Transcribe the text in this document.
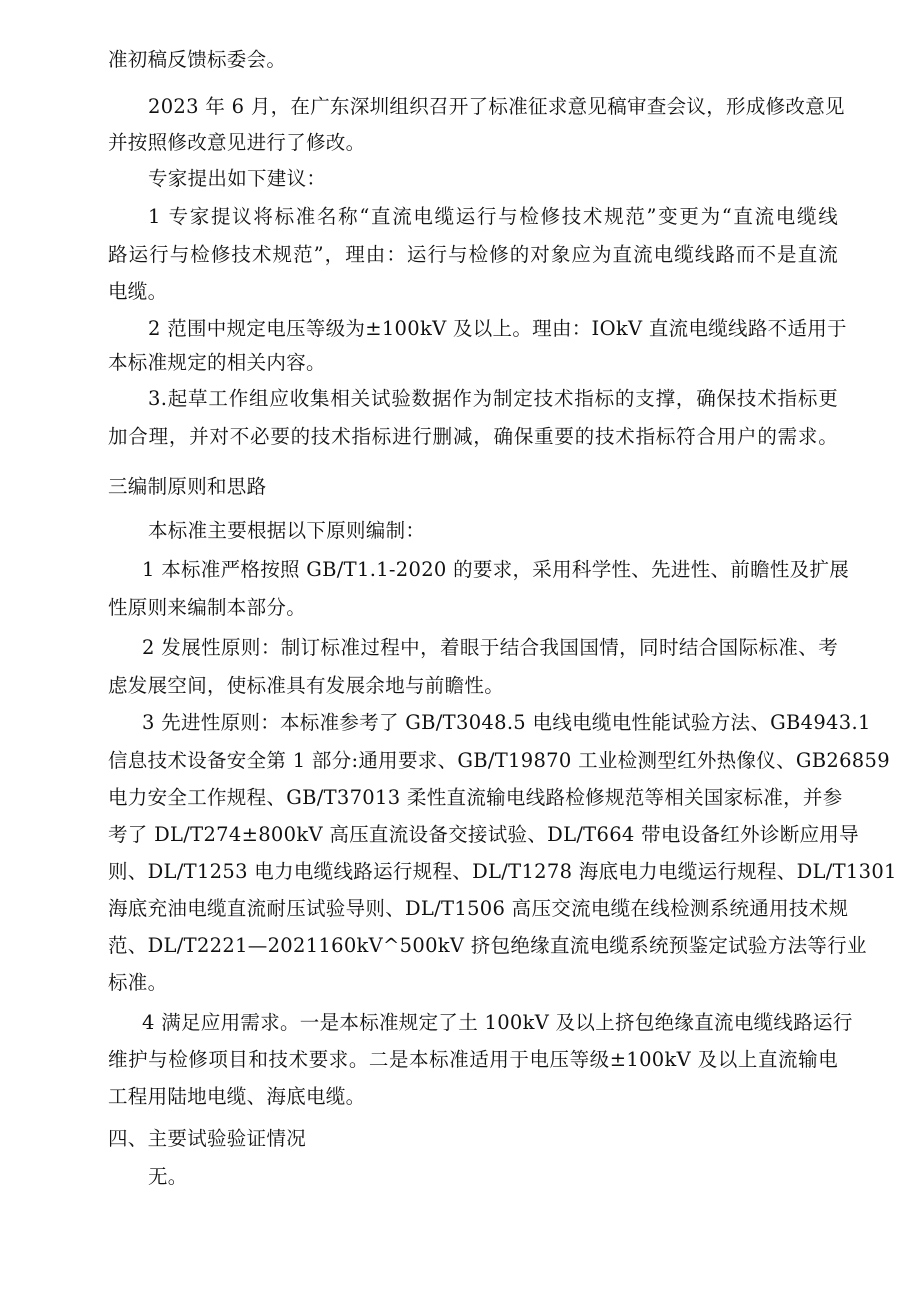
准初稿反馈标委会。
2023 年 6 月，在广东深圳组织召开了标准征求意见稿审查会议，形成修改意见
并按照修改意见进行了修改。
专家提出如下建议：
1 专家提议将标准名称“直流电缆运行与检修技术规范”变更为“直流电缆线
路运行与检修技术规范”，理由：运行与检修的对象应为直流电缆线路而不是直流
电缆。
2 范围中规定电压等级为±100kV 及以上。理由：IOkV 直流电缆线路不适用于
本标准规定的相关内容。
3.起草工作组应收集相关试验数据作为制定技术指标的支撑，确保技术指标更
加合理，并对不必要的技术指标进行删减，确保重要的技术指标符合用户的需求。
三编制原则和思路
本标准主要根据以下原则编制：
1 本标准严格按照 GB/T1.1-2020 的要求，采用科学性、先进性、前瞻性及扩展
性原则来编制本部分。
2 发展性原则：制订标准过程中，着眼于结合我国国情，同时结合国际标准、考
虑发展空间，使标准具有发展余地与前瞻性。
3 先进性原则：本标准参考了 GB/T3048.5 电线电缆电性能试验方法、GB4943.1
信息技术设备安全第 1 部分:通用要求、GB/T19870 工业检测型红外热像仪、GB26859
电力安全工作规程、GB/T37013 柔性直流输电线路检修规范等相关国家标准，并参
考了 DL/T274±800kV 高压直流设备交接试验、DL/T664 带电设备红外诊断应用导
则、DL/T1253 电力电缆线路运行规程、DL/T1278 海底电力电缆运行规程、DL/T1301
海底充油电缆直流耐压试验导则、DL/T1506 高压交流电缆在线检测系统通用技术规
范、DL/T2221—2021160kV^500kV 挤包绝缘直流电缆系统预鉴定试验方法等行业
标准。
4 满足应用需求。一是本标准规定了土 100kV 及以上挤包绝缘直流电缆线路运行
维护与检修项目和技术要求。二是本标准适用于电压等级±100kV 及以上直流输电
工程用陆地电缆、海底电缆。
四、主要试验验证情况
无。
